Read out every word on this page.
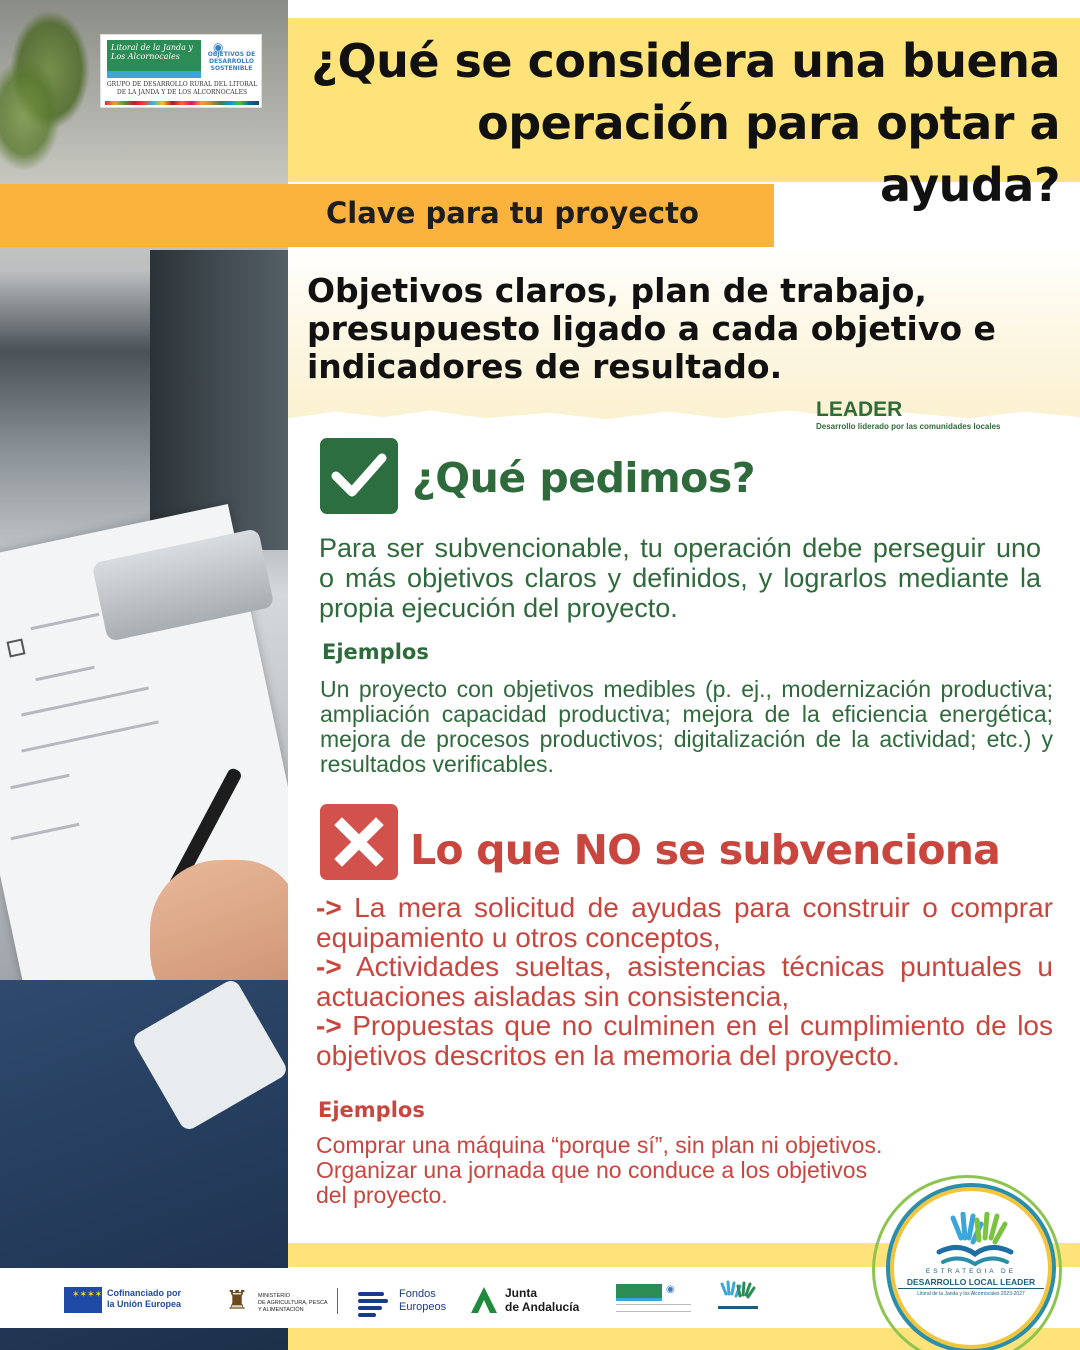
¿Qué se considera una buena
operación para optar a ayuda?
Litoral de la Janda y
Los Alcornocales
◉
OBJETIVOS DE DESARROLLO SOSTENIBLE
GRUPO DE DESARROLLO RURAL DEL LITORAL
DE LA JANDA Y DE LOS ALCORNOCALES
Clave para tu proyecto
Objetivos claros, plan de trabajo,
presupuesto ligado a cada objetivo e
indicadores de resultado.
LEADER
Desarrollo liderado por las comunidades locales
¿Qué pedimos?
Para ser subvencionable, tu operación debe perseguir uno o más objetivos claros y definidos, y lograrlos mediante la propia ejecución del proyecto.
Ejemplos
Un proyecto con objetivos medibles (p. ej., modernización productiva; ampliación capacidad productiva; mejora de la eficiencia energética; mejora de procesos productivos; digitalización de la actividad; etc.) y resultados verificables.
Lo que NO se subvenciona
-> La mera solicitud de ayudas para construir o comprar equipamiento u otros conceptos,
-> Actividades sueltas, asistencias técnicas puntuales u actuaciones aisladas sin consistencia,
-> Propuestas que no culminen en el cumplimiento de los objetivos descritos en la memoria del proyecto.
Ejemplos
Comprar una máquina “porque sí”, sin plan ni objetivos.
Organizar una jornada que no conduce a los objetivos
del proyecto.
✶✶✶✶ Cofinanciado por
la Unión Europea ♜	MINISTERIO
DE AGRICULTURA, PESCA
Y ALIMENTACIÓN
Fondos
Europeos
Junta
de Andalucía
◉
ESTRATEGIA DE
DESARROLLO LOCAL LEADER
Litoral de la Janda y los Alcornocales 2023-2027
